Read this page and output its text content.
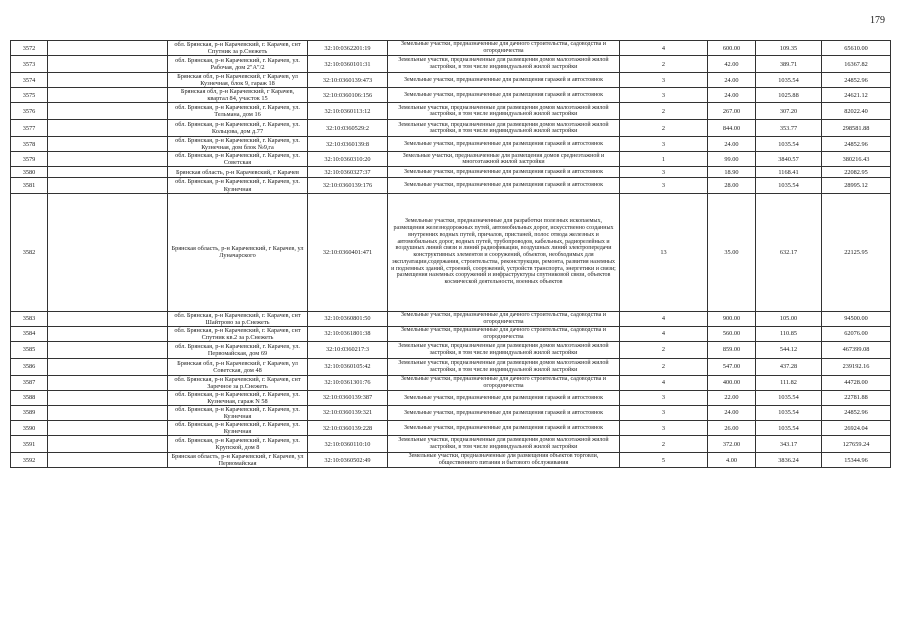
179
3572		обл. Брянская, р-н Карачевский, г. Карачев, снт Спутник за р.Снежеть	32:10:0362201:19	Земельные участки, предназначенные для дачного строительства, садоводства и огородничества	4	600.00	109.35	65610.00
3573		обл. Брянская, р-н Карачевский, г. Карачев, ул. Рабочая, дом 2"А"/2	32:10:0360101:31	Земельные участки, предназначенные для размещения домов малоэтажной жилой застройки, в том числе индивидуальной жилой застройки	2	42.00	389.71	16367.82
3574		Брянская обл, р-н Карачевский, г Карачев, ул Кузнечная, блок 9, гараж 18	32:10:0360139:473	Земельные участки, предназначенные для размещения гаражей и автостоянок	3	24.00	1035.54	24852.96
3575		Брянская обл, р-н Карачевский, г Карачев, квартал 84, участок 15	32:10:0360106:156	Земельные участки, предназначенные для размещения гаражей и автостоянок	3	24.00	1025.88	24621.12
3576		обл. Брянская, р-н Карачевский, г. Карачев, ул. Тельмана, дом 16	32:10:0360113:12	Земельные участки, предназначенные для размещения домов малоэтажной жилой застройки, в том числе индивидуальной жилой застройки	2	267.00	307.20	82022.40
3577		обл. Брянская, р-н Карачевский, г. Карачев, ул. Кольцова, дом д.77	32:10:0360529:2	Земельные участки, предназначенные для размещения домов малоэтажной жилой застройки, в том числе индивидуальной жилой застройки	2	844.00	353.77	298581.88
3578		обл. Брянская, р-н Карачевский, г. Карачев, ул. Кузнечная, дом блок №9,га	32:10:0360139:8	Земельные участки, предназначенные для размещения гаражей и автостоянок	3	24.00	1035.54	24852.96
3579		обл. Брянская, р-н Карачевский, г. Карачев, ул. Советская	32:10:0360310:20	Земельные участки, предназначенные для размещения домов среднеэтажной и многоэтажной жилой застройки	1	99.00	3840.57	380216.43
3580		Брянская область, р-н Карачевский, г Карачев	32:10:0360327:37	Земельные участки, предназначенные для размещения гаражей и автостоянок	3	18.90	1168.41	22082.95
3581		обл. Брянская, р-н Карачевский, г. Карачев, ул. Кузнечная	32:10:0360139:176	Земельные участки, предназначенные для размещения гаражей и автостоянок	3	28.00	1035.54	28995.12
3582		Брянская область, р-н Карачевский, г Карачев, ул Луначарского	32:10:0360401:471	Земельные участки, предназначенные для разработки полезных ископаемых, размещения железнодорожных путей, автомобильных дорог, искусственно созданных внутренних водных путей, причалов, пристаней, полос отвода железных и автомобильных дорог, водных путей, трубопроводов, кабельных, радиорелейных и воздушных линий связи и линий радиофикации, воздушных линий электропередачи конструктивных элементов и сооружений, объектов, необходимых для эксплуатации,содержания, строительства, реконструкции, ремонта, развития наземных и подземных зданий, строений, сооружений, устройств транспорта, энергетики и связи; размещения наземных сооружений и инфраструктуры спутниковой связи, объектов космической деятельности, военных объектов	13	35.00	632.17	22125.95
3583		обл. Брянская, р-н Карачевский, г. Карачев, снт Шайтрово за р.Снежеть	32:10:0360801:50	Земельные участки, предназначенные для дачного строительства, садоводства и огородничества	4	900.00	105.00	94500.00
3584		обл. Брянская, р-н Карачевский, г. Карачев, снт Спутник кв.2 за р.Снежеть	32:10:0361801:38	Земельные участки, предназначенные для дачного строительства, садоводства и огородничества	4	560.00	110.85	62076.00
3585		обл. Брянская, р-н Карачевский, г. Карачев, ул. Первомайская, дом 69	32:10:0360217:3	Земельные участки, предназначенные для размещения домов малоэтажной жилой застройки, в том числе индивидуальной жилой застройки	2	859.00	544.12	467399.08
3586		Брянская обл, р-н Карачевский, г Карачев, ул Советская, дом 48	32:10:0360105:42	Земельные участки, предназначенные для размещения домов малоэтажной жилой застройки, в том числе индивидуальной жилой застройки	2	547.00	437.28	239192.16
3587		обл. Брянская, р-н Карачевский, г. Карачев, снт Заречное за р.Снежеть	32:10:0361301:76	Земельные участки, предназначенные для дачного строительства, садоводства и огородничества	4	400.00	111.82	44728.00
3588		обл. Брянская, р-н Карачевский, г. Карачев, ул. Кузнечная, гараж N 58	32:10:0360139:387	Земельные участки, предназначенные для размещения гаражей и автостоянок	3	22.00	1035.54	22781.88
3589		обл. Брянская, р-н Карачевский, г. Карачев, ул. Кузнечная	32:10:0360139:321	Земельные участки, предназначенные для размещения гаражей и автостоянок	3	24.00	1035.54	24852.96
3590		обл. Брянская, р-н Карачевский, г. Карачев, ул. Кузнечная	32:10:0360139:228	Земельные участки, предназначенные для размещения гаражей и автостоянок	3	26.00	1035.54	26924.04
3591		обл. Брянская, р-н Карачевский, г. Карачев, ул. Крупской, дом 8	32:10:0360110:10	Земельные участки, предназначенные для размещения домов малоэтажной жилой застройки, в том числе индивидуальной жилой застройки	2	372.00	343.17	127659.24
3592		Брянская область, р-н Карачевский, г Карачев, ул Первомайская	32:10:0360502:49	Земельные участки, предназначенные для размещения объектов торговли, общественного питания и бытового обслуживания	5	4.00	3836.24	15344.96
